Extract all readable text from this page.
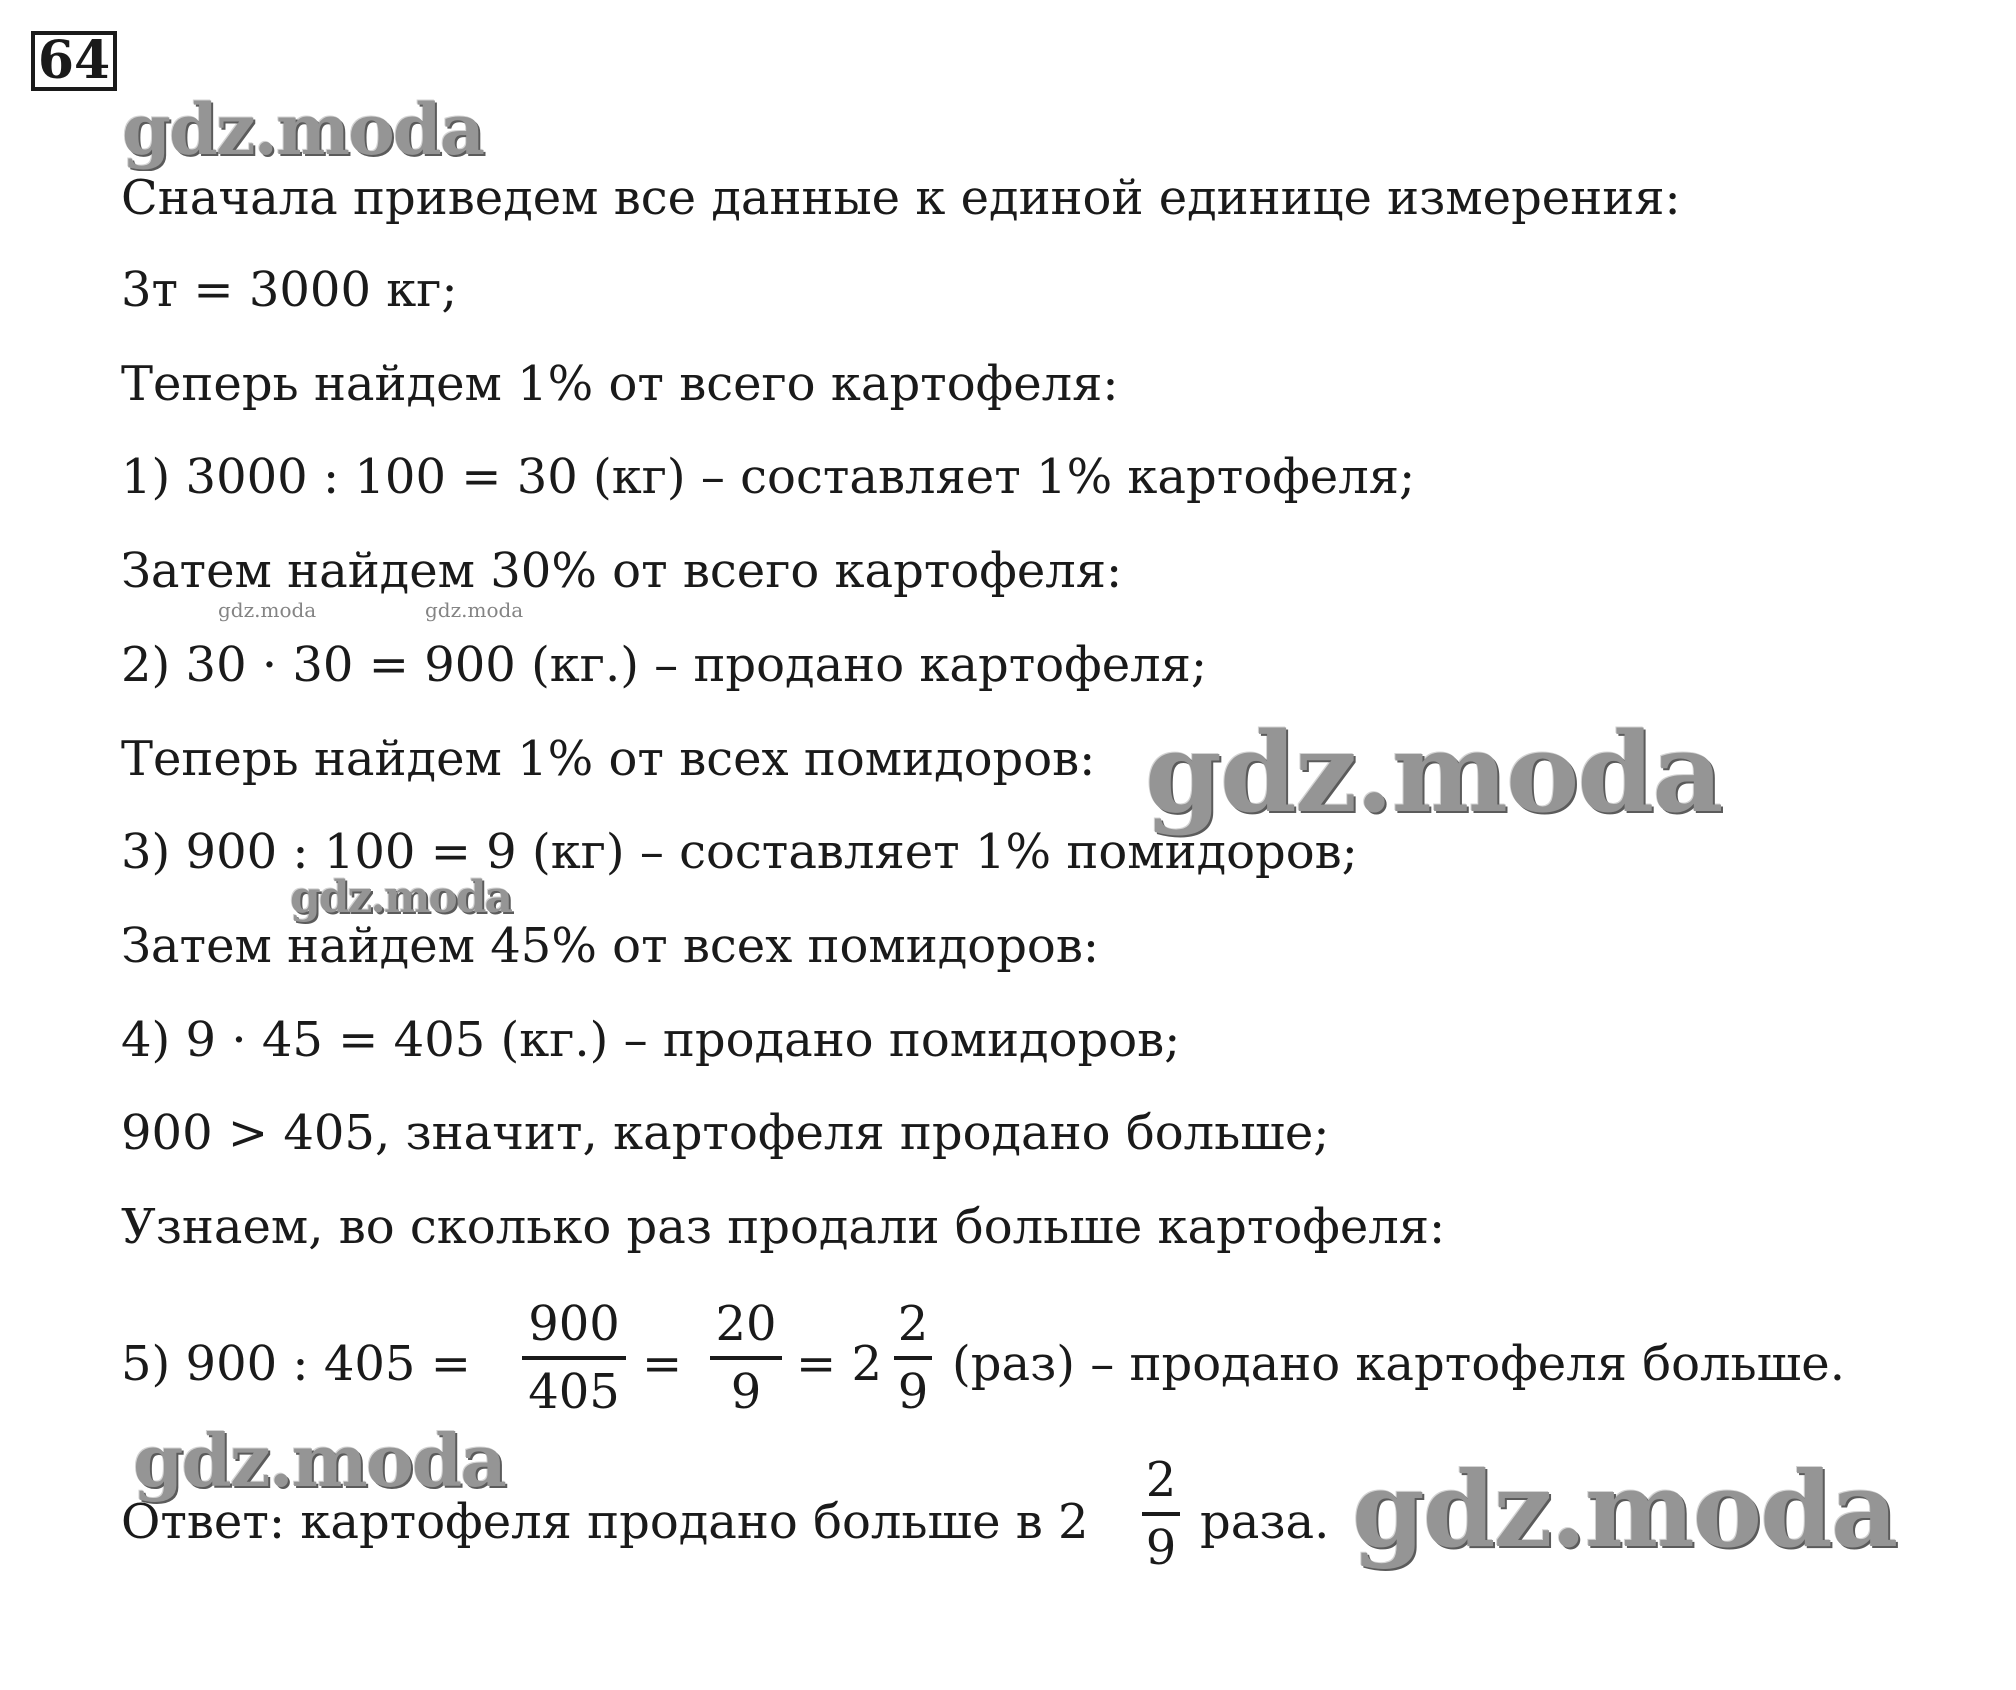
64
gdz.moda
Сначала приведем все данные к единой единице измерения:
3т = 3000 кг;
Теперь найдем 1% от всего картофеля:
1) 3000 : 100 = 30 (кг) – составляет 1% картофеля;
Затем найдем 30% от всего картофеля:
gdz.moda	gdz.moda
2) 30 · 30 = 900 (кг.) – продано картофеля;
Теперь найдем 1% от всех помидоров: gdz.moda
3) 900 : 100 = 9 (кг) – составляет 1% помидоров;
gdz.moda
Затем найдем 45% от всех помидоров:
4) 9 · 45 = 405 (кг.) – продано помидоров;
900 > 405, значит, картофеля продано больше;
Узнаем, во сколько раз продали больше картофеля:
5) 900 : 405 =
900
405 =
20
9 = 2
2
9 (раз) – продано картофеля больше.
gdz.moda
Ответ: картофеля продано больше в 2
2
9 раза. gdz.moda
